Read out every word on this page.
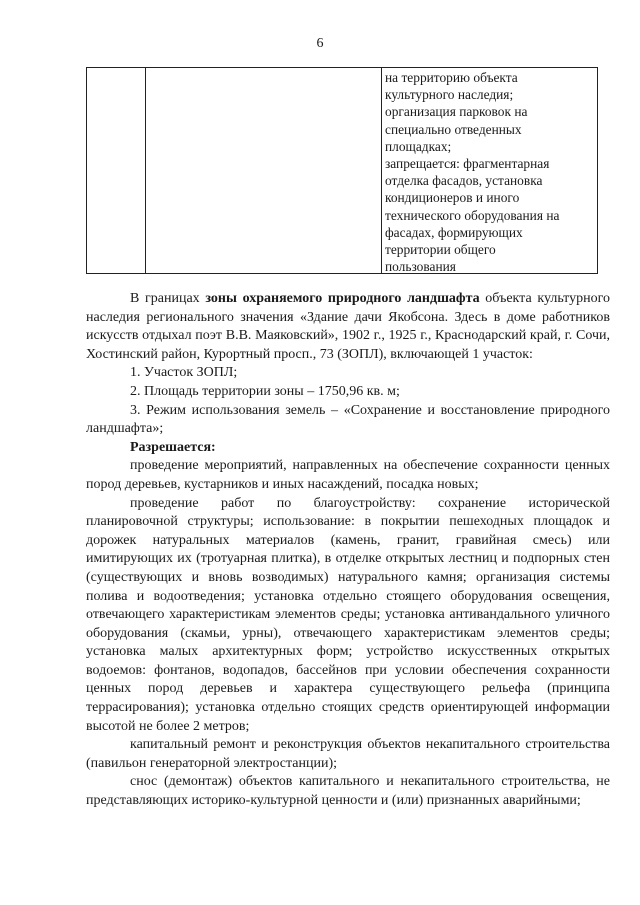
6
на территорию объекта
культурного наследия;
организация парковок на
специально отведенных
площадках;
запрещается: фрагментарная
отделка фасадов, установка
кондиционеров и иного
технического оборудования на
фасадах, формирующих
территории общего
пользования
В границах зоны охраняемого природного ландшафта объекта культурного наследия регионального значения «Здание дачи Якобсона. Здесь в доме работников искусств отдыхал поэт В.В. Маяковский», 1902 г., 1925 г., Краснодарский край, г. Сочи, Хостинский район, Курортный просп., 73 (ЗОПЛ), включающей 1 участок:
1. Участок ЗОПЛ;
2. Площадь территории зоны – 1750,96 кв. м;
3. Режим использования земель – «Сохранение и восстановление природного ландшафта»;
Разрешается:
проведение мероприятий, направленных на обеспечение сохранности ценных пород деревьев, кустарников и иных насаждений, посадка новых;
проведение работ по благоустройству: сохранение исторической планировочной структуры; использование: в покрытии пешеходных площадок и дорожек натуральных материалов (камень, гранит, гравийная смесь) или имитирующих их (тротуарная плитка), в отделке открытых лестниц и подпорных стен (существующих и вновь возводимых) натурального камня; организация системы полива и водоотведения; установка отдельно стоящего оборудования освещения, отвечающего характеристикам элементов среды; установка антивандального уличного оборудования (скамьи, урны), отвечающего характеристикам элементов среды; установка малых архитектурных форм; устройство искусственных открытых водоемов: фонтанов, водопадов, бассейнов при условии обеспечения сохранности ценных пород деревьев и характера существующего рельефа (принципа террасирования); установка отдельно стоящих средств ориентирующей информации высотой не более 2 метров;
капитальный ремонт и реконструкция объектов некапитального строительства (павильон генераторной электростанции);
снос (демонтаж) объектов капитального и некапитального строительства, не представляющих историко-культурной ценности и (или) признанных аварийными;
